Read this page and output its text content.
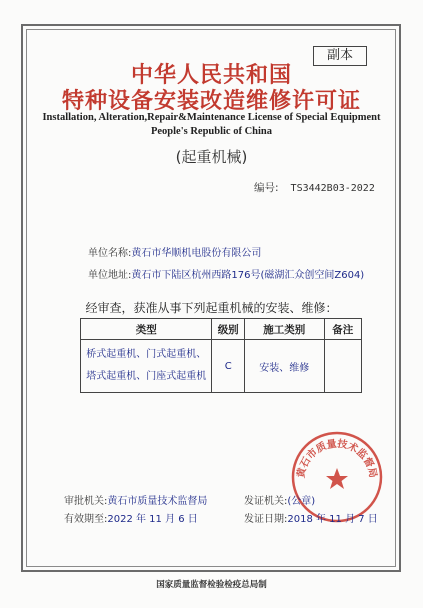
副本
中华人民共和国
特种设备安装改造维修许可证
Installation, Alteration,Repair&Maintenance License of Special Equipment
People's Republic of China
(起重机械)
编号: TS3442B03-2022
单位名称:黄石市华顺机电股份有限公司
单位地址:黄石市下陆区杭州西路176号(磁湖汇众创空间Z604)
经审查，获准从事下列起重机械的安装、维修：
类型	级别	施工类别	备注

桥式起重机、门式起重机、
塔式起重机、门座式起重机	C	安装、维修	
黄石市质量技术监督局
审批机关:黄石市质量技术监督局
有效期至:2022 年 11 月 6 日
发证机关:(公章)
发证日期:2018 年 11 月 7 日
国家质量监督检验检疫总局制
